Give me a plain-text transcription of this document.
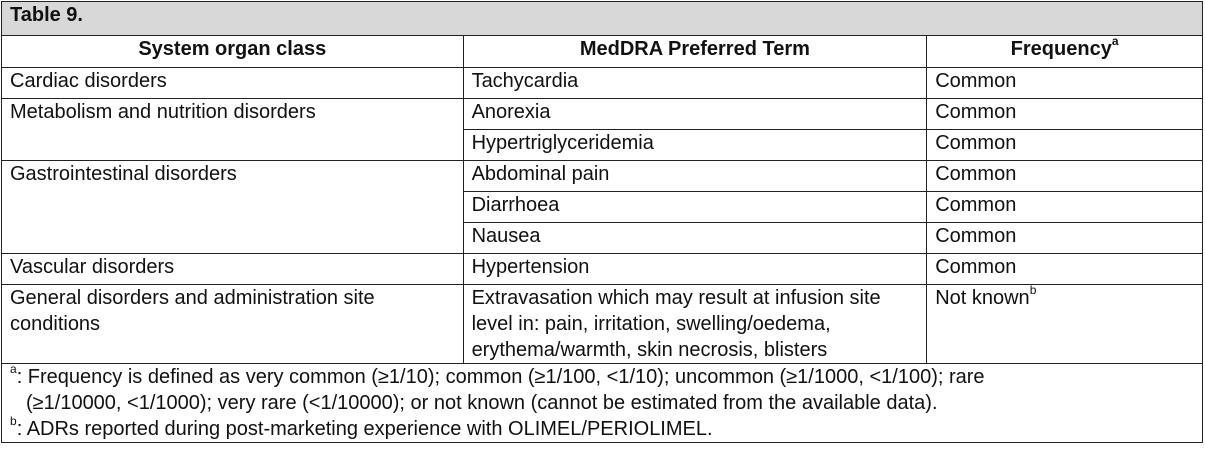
Table 9.		
System organ class	MedDRA Preferred Term	Frequency$^a$
Cardiac disorders	Tachycardia	Common
Metabolism and nutrition disorders	Anorexia	Common
	Hypertriglyceridemia	Common
Gastrointestinal disorders	Abdominal pain	Common
	Diarrhoea	Common
	Nausea	Common
Vascular disorders	Hypertension	Common
General disorders and administration site conditions	Extravasation which may result at infusion site level in: pain, irritation, swelling/oedema, erythema/warmth, skin necrosis, blisters	Not known$^b$

$^a$: Frequency is defined as very common (≥1/10); common (≥1/100, <1/10); uncommon (≥1/1000, <1/100); rare
(≥1/10000, <1/1000); very rare (<1/10000); or not known (cannot be estimated from the available data).
$^b$: ADRs reported during post-marketing experience with OLIMEL/PERIOLIMEL.		
